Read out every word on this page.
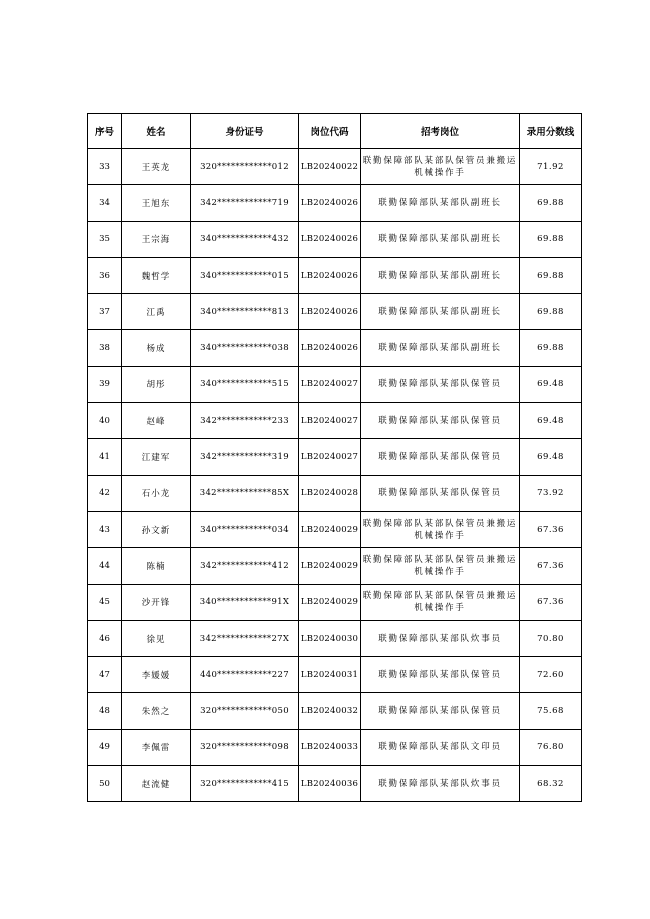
序号	姓名	身份证号	岗位代码	招考岗位	录用分数线
33	王英龙	320************012	LB20240022	联勤保障部队某部队保管员兼搬运机械操作手	71.92
34	王旭东	342************719	LB20240026	联勤保障部队某部队副班长	69.88
35	王宗海	340************432	LB20240026	联勤保障部队某部队副班长	69.88
36	魏哲学	340************015	LB20240026	联勤保障部队某部队副班长	69.88
37	江禹	340************813	LB20240026	联勤保障部队某部队副班长	69.88
38	杨成	340************038	LB20240026	联勤保障部队某部队副班长	69.88
39	胡彤	340************515	LB20240027	联勤保障部队某部队保管员	69.48
40	赵峰	342************233	LB20240027	联勤保障部队某部队保管员	69.48
41	江建军	342************319	LB20240027	联勤保障部队某部队保管员	69.48
42	石小龙	342************85X	LB20240028	联勤保障部队某部队保管员	73.92
43	孙文新	340************034	LB20240029	联勤保障部队某部队保管员兼搬运机械操作手	67.36
44	陈楠	342************412	LB20240029	联勤保障部队某部队保管员兼搬运机械操作手	67.36
45	沙开锋	340************91X	LB20240029	联勤保障部队某部队保管员兼搬运机械操作手	67.36
46	徐见	342************27X	LB20240030	联勤保障部队某部队炊事员	70.80
47	李媛媛	440************227	LB20240031	联勤保障部队某部队保管员	72.60
48	朱然之	320************050	LB20240032	联勤保障部队某部队保管员	75.68
49	李佩雷	320************098	LB20240033	联勤保障部队某部队文印员	76.80
50	赵流健	320************415	LB20240036	联勤保障部队某部队炊事员	68.32
